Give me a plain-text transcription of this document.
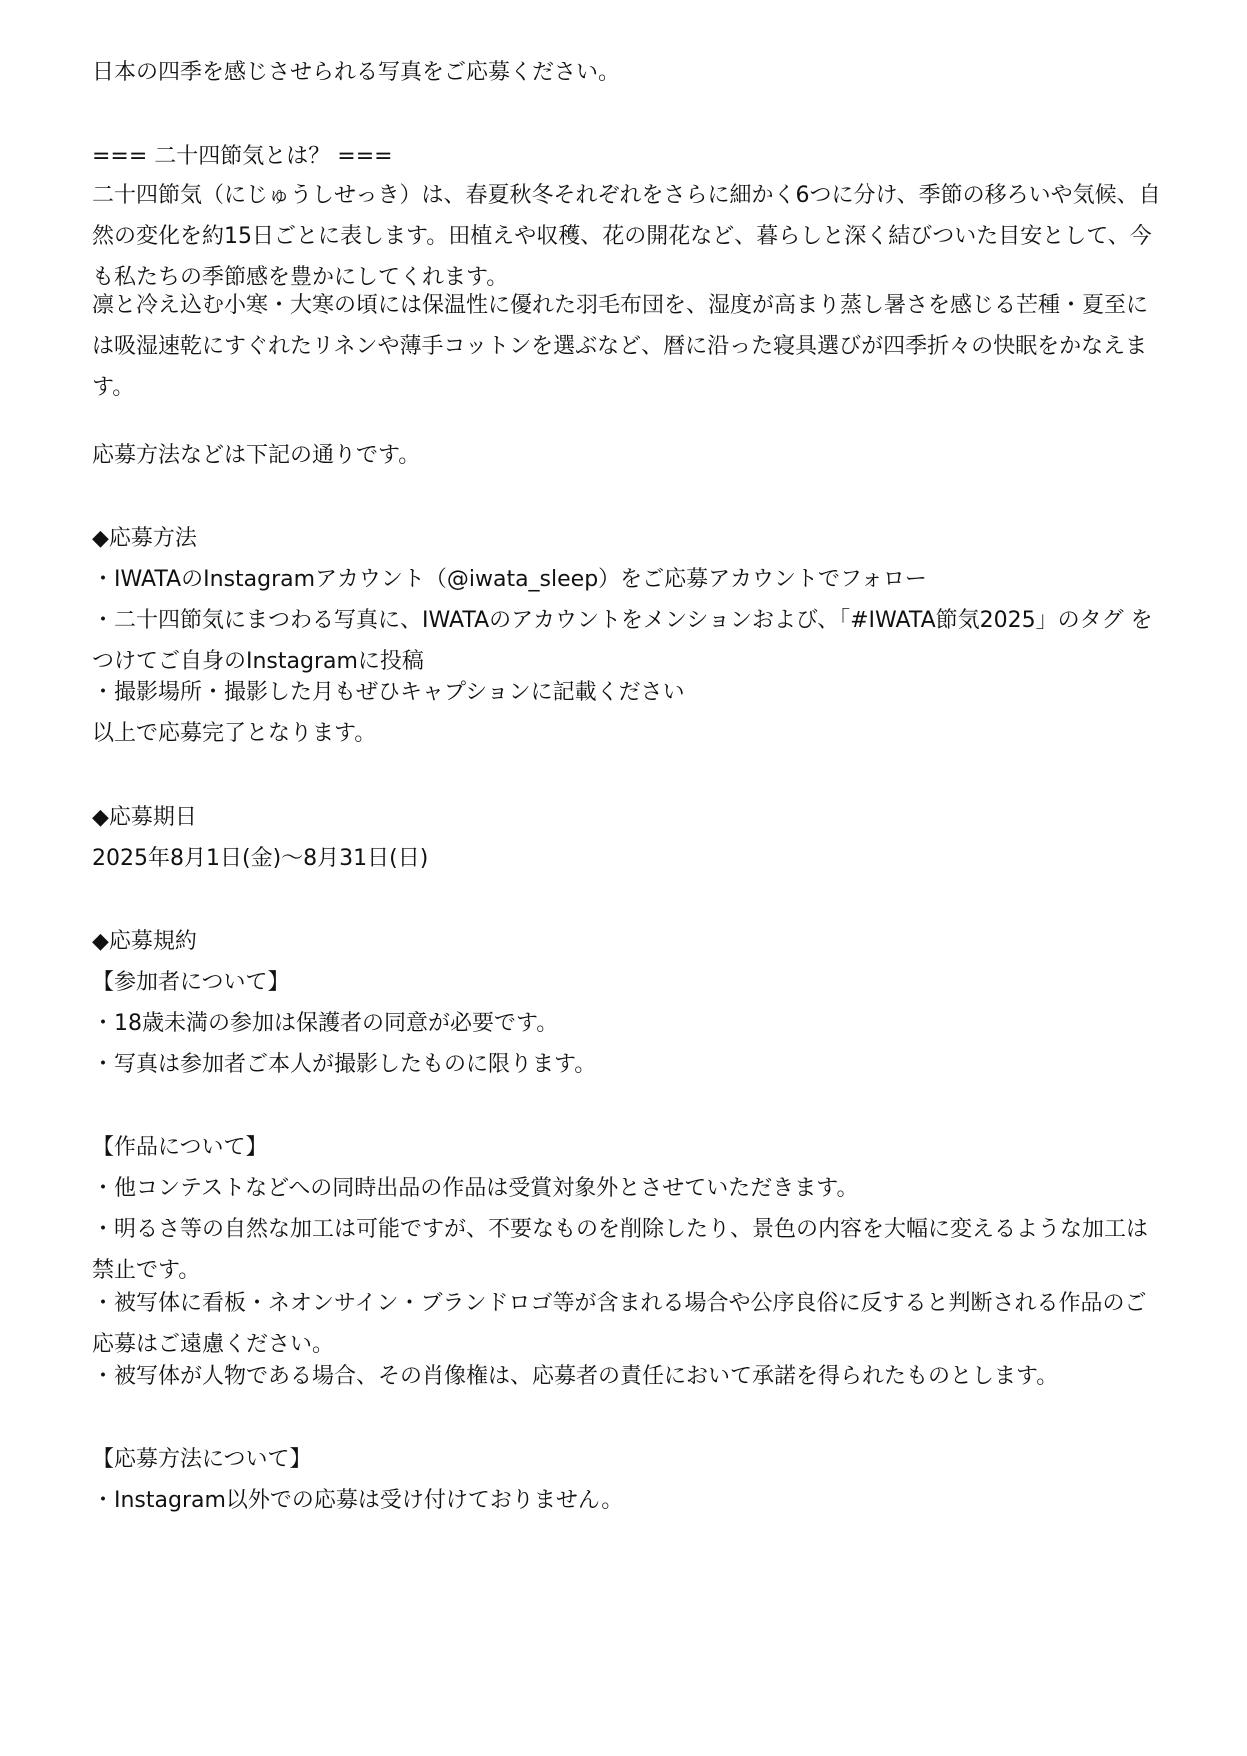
日本の四季を感じさせられる写真をご応募ください。
=== 二十四節気とは？ ===
二十四節気（にじゅうしせっき）は、春夏秋冬それぞれをさらに細かく6つに分け、季節の移ろいや気候、自然の変化を約15日ごとに表します。田植えや収穫、花の開花など、暮らしと深く結びついた目安として、今も私たちの季節感を豊かにしてくれます。
凛と冷え込む小寒・大寒の頃には保温性に優れた羽毛布団を、湿度が高まり蒸し暑さを感じる芒種・夏至には吸湿速乾にすぐれたリネンや薄手コットンを選ぶなど、暦に沿った寝具選びが四季折々の快眠をかなえます。
応募方法などは下記の通りです。
◆応募方法
・IWATAのInstagramアカウント（@iwata_sleep）をご応募アカウントでフォロー
・二十四節気にまつわる写真に、IWATAのアカウントをメンションおよび、「#IWATA節気2025」のタグ をつけてご自身のInstagramに投稿
・撮影場所・撮影した月もぜひキャプションに記載ください
以上で応募完了となります。
◆応募期日
2025年8月1日(金)〜8月31日(日)
◆応募規約
【参加者について】
・18歳未満の参加は保護者の同意が必要です。
・写真は参加者ご本人が撮影したものに限ります。
【作品について】
・他コンテストなどへの同時出品の作品は受賞対象外とさせていただきます。
・明るさ等の自然な加工は可能ですが、不要なものを削除したり、景色の内容を大幅に変えるような加工は禁止です。
・被写体に看板・ネオンサイン・ブランドロゴ等が含まれる場合や公序良俗に反すると判断される作品のご応募はご遠慮ください。
・被写体が人物である場合、その肖像権は、応募者の責任において承諾を得られたものとします。
【応募方法について】
・Instagram以外での応募は受け付けておりません。
